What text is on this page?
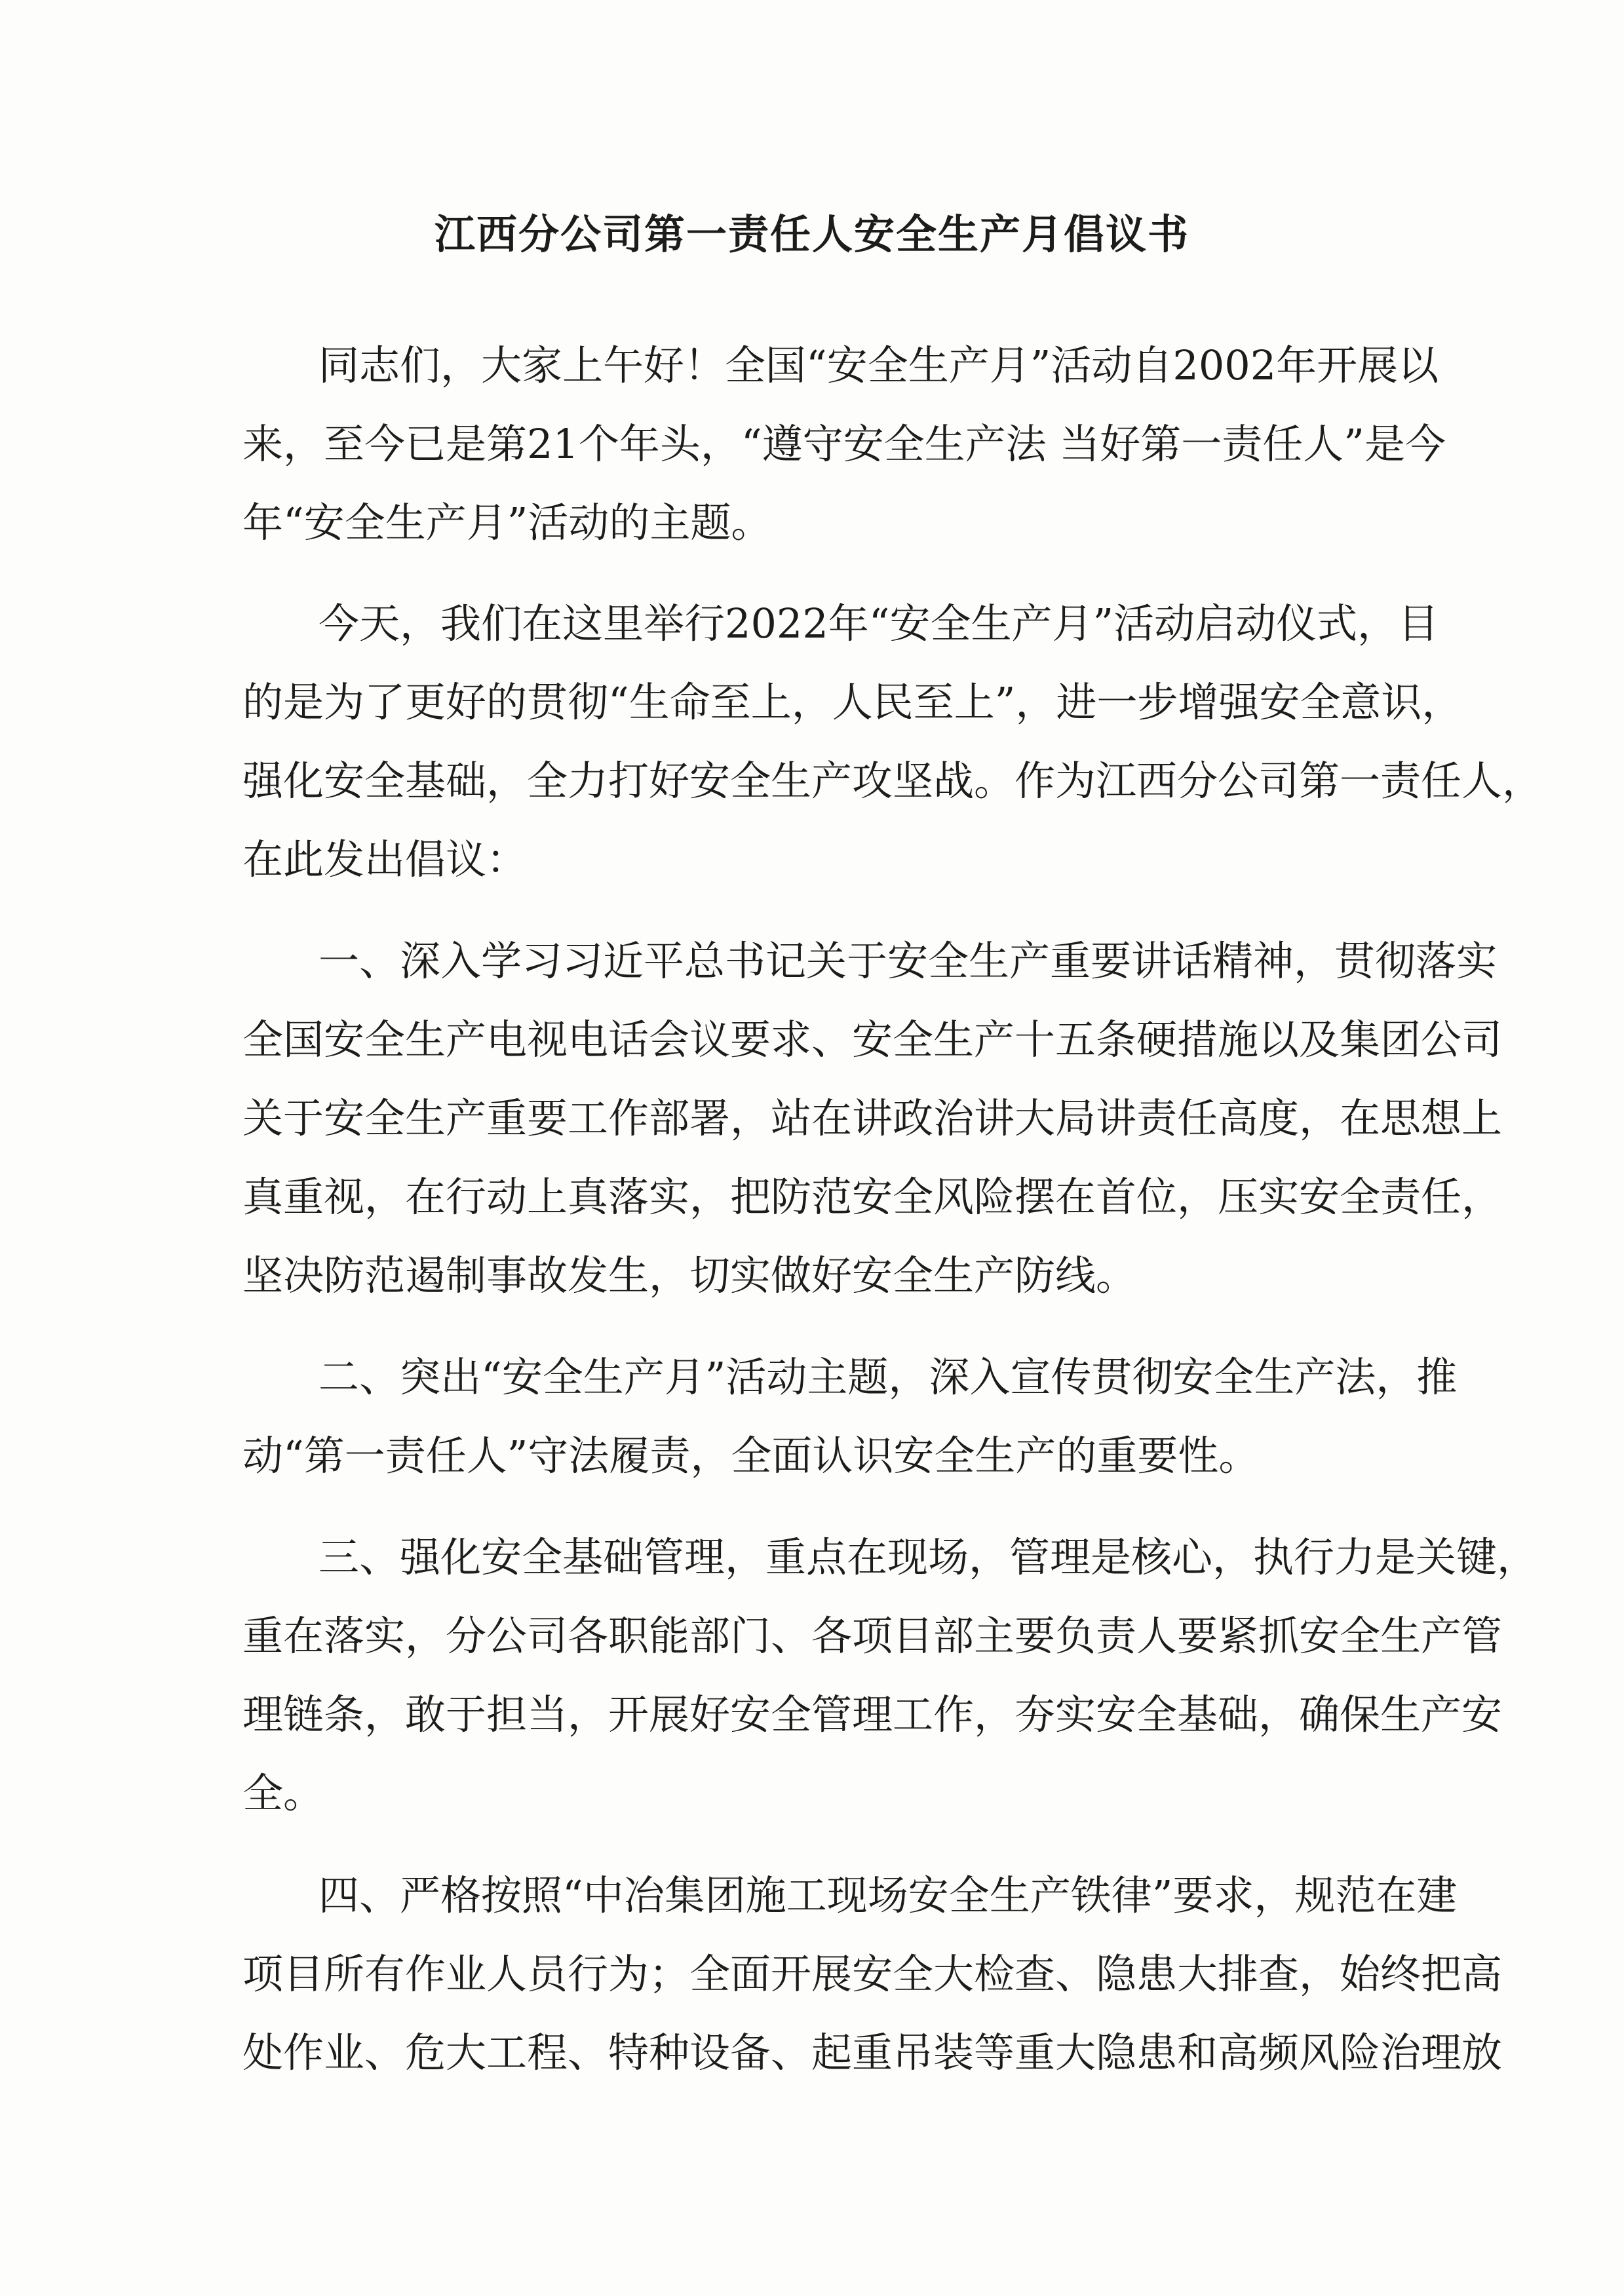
江西分公司第一责任人安全生产月倡议书
同志们，大家上午好！全国“安全生产月”活动自2002年开展以
来，至今已是第21个年头，“遵守安全生产法 当好第一责任人”是今
年“安全生产月”活动的主题。
今天，我们在这里举行2022年“安全生产月”活动启动仪式，目
的是为了更好的贯彻“生命至上，人民至上”，进一步增强安全意识，
强化安全基础，全力打好安全生产攻坚战。作为江西分公司第一责任人，
在此发出倡议：
一、深入学习习近平总书记关于安全生产重要讲话精神，贯彻落实
全国安全生产电视电话会议要求、安全生产十五条硬措施以及集团公司
关于安全生产重要工作部署，站在讲政治讲大局讲责任高度，在思想上
真重视，在行动上真落实，把防范安全风险摆在首位，压实安全责任，
坚决防范遏制事故发生，切实做好安全生产防线。
二、突出“安全生产月”活动主题，深入宣传贯彻安全生产法，推
动“第一责任人”守法履责，全面认识安全生产的重要性。
三、强化安全基础管理，重点在现场，管理是核心，执行力是关键，
重在落实，分公司各职能部门、各项目部主要负责人要紧抓安全生产管
理链条，敢于担当，开展好安全管理工作，夯实安全基础，确保生产安
全。
四、严格按照“中冶集团施工现场安全生产铁律”要求，规范在建
项目所有作业人员行为；全面开展安全大检查、隐患大排查，始终把高
处作业、危大工程、特种设备、起重吊装等重大隐患和高频风险治理放
